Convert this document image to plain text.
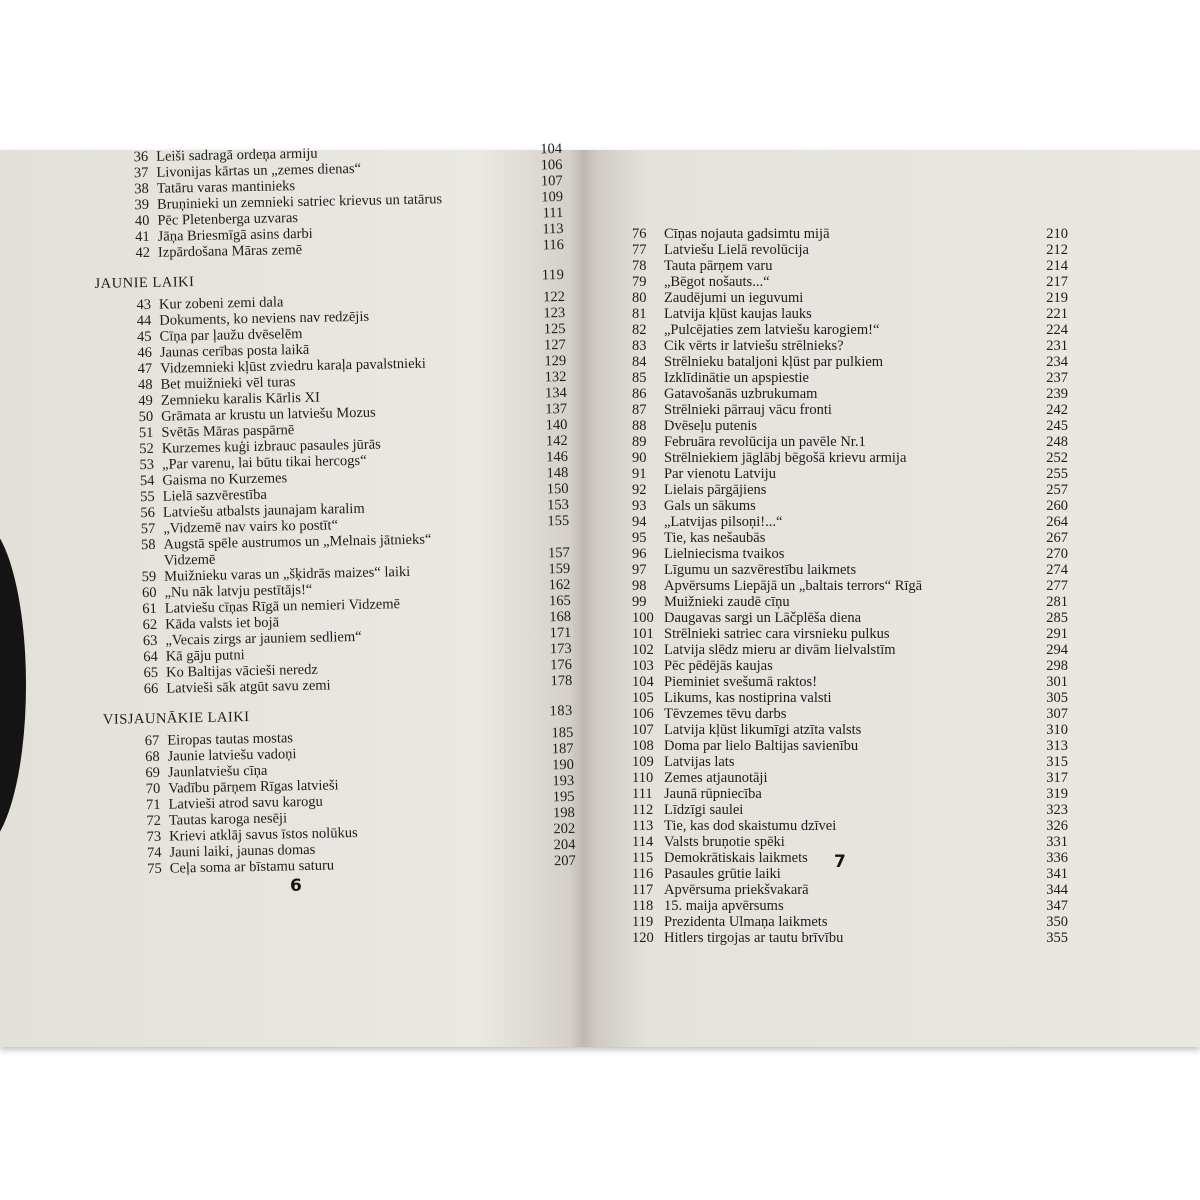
36 Leiši sadragā ordeņa armiju	104
37 Livonijas kārtas un „zemes dienas“	106
38 Tatāru varas mantinieks	107
39 Bruņinieki un zemnieki satriec krievus un tatārus	109
40 Pēc Pletenberga uzvaras	111
41 Jāņa Briesmīgā asins darbi	113
42 Izpārdošana Māras zemē	116
JAUNIE LAIKI	119
43 Kur zobeni zemi dala	122
44 Dokuments, ko neviens nav redzējis	123
45 Cīņa par ļaužu dvēselēm	125
46 Jaunas cerības posta laikā	127
47 Vidzemnieki kļūst zviedru karaļa pavalstnieki	129
48 Bet muižnieki vēl turas	132
49 Zemnieku karalis Kārlis XI	134
50 Grāmata ar krustu un latviešu Mozus	137
51 Svētās Māras paspārnē	140
52 Kurzemes kuģi izbrauc pasaules jūrās	142
53 „Par varenu, lai būtu tikai hercogs“	146
54 Gaisma no Kurzemes	148
55 Lielā sazvērestība	150
56 Latviešu atbalsts jaunajam karalim	153
57 „Vidzemē nav vairs ko postīt“	155
58 Augstā spēle austrumos un „Melnais jātnieks“
Vidzemē	157
59 Muižnieku varas un „šķidrās maizes“ laiki	159
60 „Nu nāk latvju pestītājs!“	162
61 Latviešu cīņas Rīgā un nemieri Vidzemē	165
62 Kāda valsts iet bojā	168
63 „Vecais zirgs ar jauniem sedliem“	171
64 Kā gāju putni	173
65 Ko Baltijas vācieši neredz	176
66 Latvieši sāk atgūt savu zemi	178
VISJAUNĀKIE LAIKI	183
67 Eiropas tautas mostas	185
68 Jaunie latviešu vadoņi	187
69 Jaunlatviešu cīņa	190
70 Vadību pārņem Rīgas latvieši	193
71 Latvieši atrod savu karogu	195
72 Tautas karoga nesēji	198
73 Krievi atklāj savus īstos nolūkus	202
74 Jauni laiki, jaunas domas	204
75 Ceļa soma ar bīstamu saturu	207
76 Cīņas nojauta gadsimtu mijā	210
77 Latviešu Lielā revolūcija	212
78 Tauta pārņem varu	214
79 „Bēgot nošauts...“	217
80 Zaudējumi un ieguvumi	219
81 Latvija kļūst kaujas lauks	221
82 „Pulcējaties zem latviešu karogiem!“	224
83 Cik vērts ir latviešu strēlnieks?	231
84 Strēlnieku bataljoni kļūst par pulkiem	234
85 Izklīdinātie un apspiestie	237
86 Gatavošanās uzbrukumam	239
87 Strēlnieki pārrauj vācu fronti	242
88 Dvēseļu putenis	245
89 Februāra revolūcija un pavēle Nr.1	248
90 Strēlniekiem jāglābj bēgošā krievu armija	252
91 Par vienotu Latviju	255
92 Lielais pārgājiens	257
93 Gals un sākums	260
94 „Latvijas pilsoņi!...“	264
95 Tie, kas nešaubās	267
96 Lielniecisma tvaikos	270
97 Līgumu un sazvērestību laikmets	274
98 Apvērsums Liepājā un „baltais terrors“ Rīgā	277
99 Muižnieki zaudē cīņu	281
100 Daugavas sargi un Lāčplēša diena	285
101 Strēlnieki satriec cara virsnieku pulkus	291
102 Latvija slēdz mieru ar divām lielvalstīm	294
103 Pēc pēdējās kaujas	298
104 Pieminiet svešumā raktos!	301
105 Likums, kas nostiprina valsti	305
106 Tēvzemes tēvu darbs	307
107 Latvija kļūst likumīgi atzīta valsts	310
108 Doma par lielo Baltijas savienību	313
109 Latvijas lats	315
110 Zemes atjaunotāji	317
111 Jaunā rūpniecība	319
112 Līdzīgi saulei	323
113 Tie, kas dod skaistumu dzīvei	326
114 Valsts bruņotie spēki	331
115 Demokrātiskais laikmets	336
116 Pasaules grūtie laiki	341
117 Apvērsuma priekšvakarā	344
118 15. maija apvērsums	347
119 Prezidenta Ulmaņa laikmets	350
120 Hitlers tirgojas ar tautu brīvību	355
6
7
